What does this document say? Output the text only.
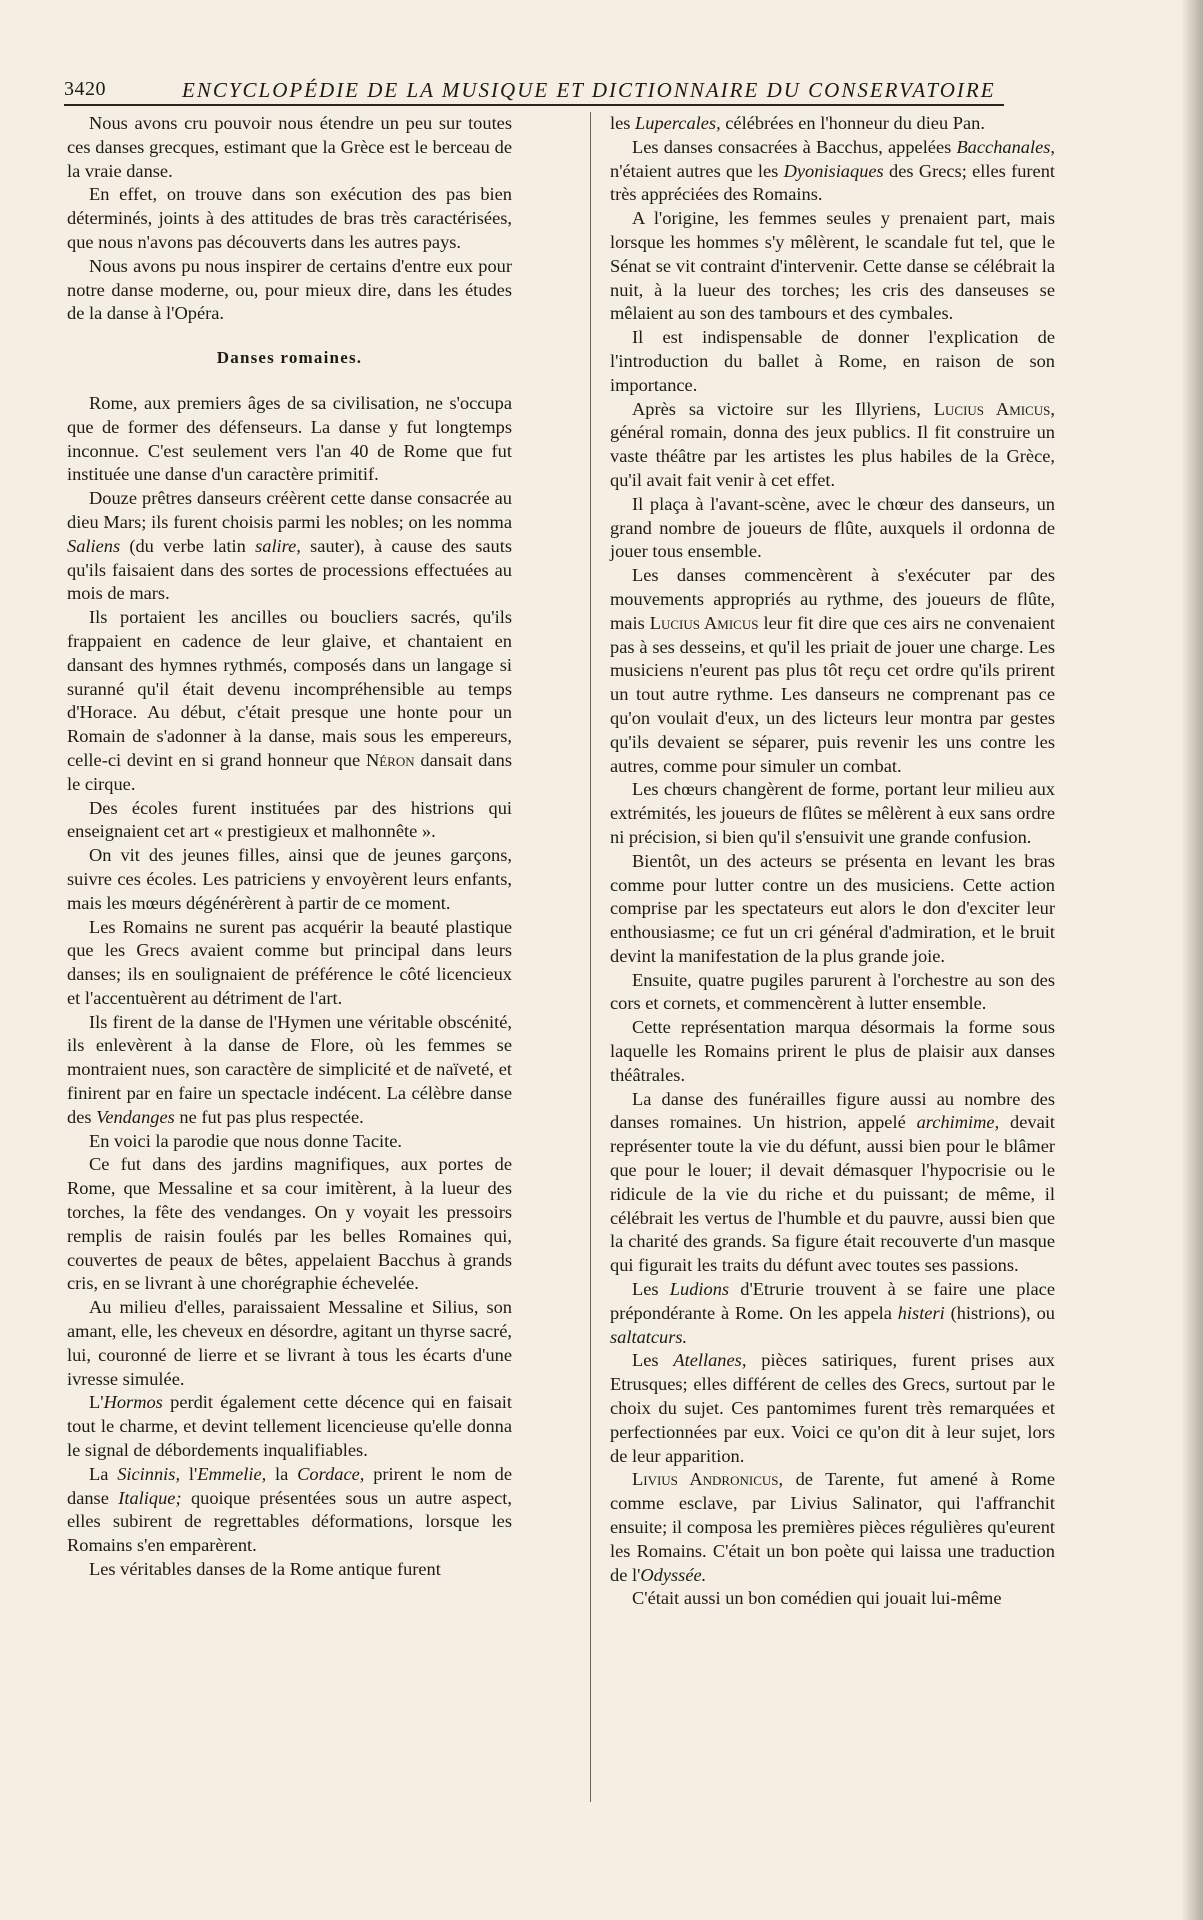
3420	ENCYCLOPÉDIE DE LA MUSIQUE ET DICTIONNAIRE DU CONSERVATOIRE

Nous avons cru pouvoir nous étendre un peu sur toutes ces danses grecques, estimant que la Grèce est le berceau de la vraie danse.

En effet, on trouve dans son exécution des pas bien déterminés, joints à des attitudes de bras très caractérisées, que nous n'avons pas découverts dans les autres pays.

Nous avons pu nous inspirer de certains d'entre eux pour notre danse moderne, ou, pour mieux dire, dans les études de la danse à l'Opéra.

Danses romaines.

Rome, aux premiers âges de sa civilisation, ne s'occupa que de former des défenseurs. La danse y fut longtemps inconnue. C'est seulement vers l'an 40 de Rome que fut instituée une danse d'un caractère primitif.

Douze prêtres danseurs créèrent cette danse consacrée au dieu Mars; ils furent choisis parmi les nobles; on les nomma Saliens (du verbe latin salire, sauter), à cause des sauts qu'ils faisaient dans des sortes de processions effectuées au mois de mars.

Ils portaient les ancilles ou boucliers sacrés, qu'ils frappaient en cadence de leur glaive, et chantaient en dansant des hymnes rythmés, composés dans un langage si suranné qu'il était devenu incompréhensible au temps d'Horace. Au début, c'était presque une honte pour un Romain de s'adonner à la danse, mais sous les empereurs, celle-ci devint en si grand honneur que Néron dansait dans le cirque.

Des écoles furent instituées par des histrions qui enseignaient cet art « prestigieux et malhonnête ».

On vit des jeunes filles, ainsi que de jeunes garçons, suivre ces écoles. Les patriciens y envoyèrent leurs enfants, mais les mœurs dégénérèrent à partir de ce moment.

Les Romains ne surent pas acquérir la beauté plastique que les Grecs avaient comme but principal dans leurs danses; ils en soulignaient de préférence le côté licencieux et l'accentuèrent au détriment de l'art.

Ils firent de la danse de l'Hymen une véritable obscénité, ils enlevèrent à la danse de Flore, où les femmes se montraient nues, son caractère de simplicité et de naïveté, et finirent par en faire un spectacle indécent. La célèbre danse des Vendanges ne fut pas plus respectée.

En voici la parodie que nous donne Tacite.

Ce fut dans des jardins magnifiques, aux portes de Rome, que Messaline et sa cour imitèrent, à la lueur des torches, la fête des vendanges. On y voyait les pressoirs remplis de raisin foulés par les belles Romaines qui, couvertes de peaux de bêtes, appelaient Bacchus à grands cris, en se livrant à une chorégraphie échevelée.

Au milieu d'elles, paraissaient Messaline et Silius, son amant, elle, les cheveux en désordre, agitant un thyrse sacré, lui, couronné de lierre et se livrant à tous les écarts d'une ivresse simulée.

L'Hormos perdit également cette décence qui en faisait tout le charme, et devint tellement licencieuse qu'elle donna le signal de débordements inqualifiables.

La Sicinnis, l'Emmelie, la Cordace, prirent le nom de danse Italique; quoique présentées sous un autre aspect, elles subirent de regrettables déformations, lorsque les Romains s'en emparèrent.

Les véritables danses de la Rome antique furent

les Lupercales, célébrées en l'honneur du dieu Pan.

Les danses consacrées à Bacchus, appelées Bacchanales, n'étaient autres que les Dyonisiaques des Grecs; elles furent très appréciées des Romains.

A l'origine, les femmes seules y prenaient part, mais lorsque les hommes s'y mêlèrent, le scandale fut tel, que le Sénat se vit contraint d'intervenir. Cette danse se célébrait la nuit, à la lueur des torches; les cris des danseuses se mêlaient au son des tambours et des cymbales.

Il est indispensable de donner l'explication de l'introduction du ballet à Rome, en raison de son importance.

Après sa victoire sur les Illyriens, Lucius Amicus, général romain, donna des jeux publics. Il fit construire un vaste théâtre par les artistes les plus habiles de la Grèce, qu'il avait fait venir à cet effet.

Il plaça à l'avant-scène, avec le chœur des danseurs, un grand nombre de joueurs de flûte, auxquels il ordonna de jouer tous ensemble.

Les danses commencèrent à s'exécuter par des mouvements appropriés au rythme, des joueurs de flûte, mais Lucius Amicus leur fit dire que ces airs ne convenaient pas à ses desseins, et qu'il les priait de jouer une charge. Les musiciens n'eurent pas plus tôt reçu cet ordre qu'ils prirent un tout autre rythme. Les danseurs ne comprenant pas ce qu'on voulait d'eux, un des licteurs leur montra par gestes qu'ils devaient se séparer, puis revenir les uns contre les autres, comme pour simuler un combat.

Les chœurs changèrent de forme, portant leur milieu aux extrémités, les joueurs de flûtes se mêlèrent à eux sans ordre ni précision, si bien qu'il s'ensuivit une grande confusion.

Bientôt, un des acteurs se présenta en levant les bras comme pour lutter contre un des musiciens. Cette action comprise par les spectateurs eut alors le don d'exciter leur enthousiasme; ce fut un cri général d'admiration, et le bruit devint la manifestation de la plus grande joie.

Ensuite, quatre pugiles parurent à l'orchestre au son des cors et cornets, et commencèrent à lutter ensemble.

Cette représentation marqua désormais la forme sous laquelle les Romains prirent le plus de plaisir aux danses théâtrales.

La danse des funérailles figure aussi au nombre des danses romaines. Un histrion, appelé archimime, devait représenter toute la vie du défunt, aussi bien pour le blâmer que pour le louer; il devait démasquer l'hypocrisie ou le ridicule de la vie du riche et du puissant; de même, il célébrait les vertus de l'humble et du pauvre, aussi bien que la charité des grands. Sa figure était recouverte d'un masque qui figurait les traits du défunt avec toutes ses passions.

Les Ludions d'Etrurie trouvent à se faire une place prépondérante à Rome. On les appela histeri (histrions), ou saltatcurs.

Les Atellanes, pièces satiriques, furent prises aux Etrusques; elles différent de celles des Grecs, surtout par le choix du sujet. Ces pantomimes furent très remarquées et perfectionnées par eux. Voici ce qu'on dit à leur sujet, lors de leur apparition.

Livius Andronicus, de Tarente, fut amené à Rome comme esclave, par Livius Salinator, qui l'affranchit ensuite; il composa les premières pièces régulières qu'eurent les Romains. C'était un bon poète qui laissa une traduction de l'Odyssée.

C'était aussi un bon comédien qui jouait lui-même
